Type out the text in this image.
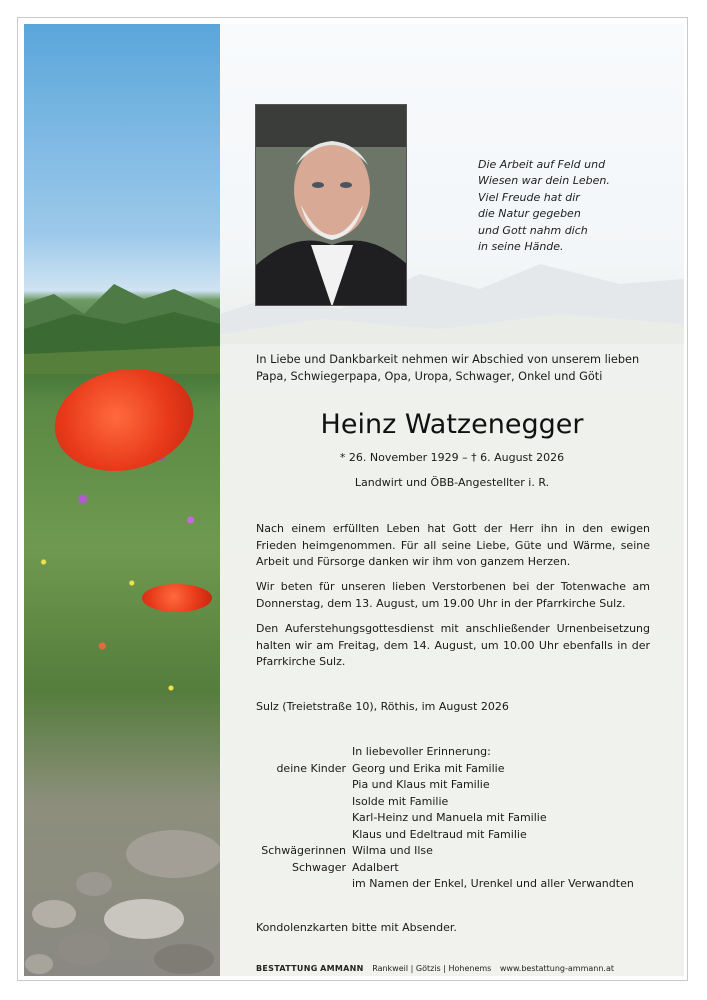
Die Arbeit auf Feld und
Wiesen war dein Leben.
Viel Freude hat dir
die Natur gegeben
und Gott nahm dich
in seine Hände.
In Liebe und Dankbarkeit nehmen wir Abschied von unserem lieben
Papa, Schwiegerpapa, Opa, Uropa, Schwager, Onkel und Göti
Heinz Watzenegger
* 26. November 1929 – † 6. August 2026
Landwirt und ÖBB-Angestellter i. R.
Nach einem erfüllten Leben hat Gott der Herr ihn in den ewigen
Frieden heimgenommen. Für all seine Liebe, Güte und Wärme, seine
Arbeit und Fürsorge danken wir ihm von ganzem Herzen.
Wir beten für unseren lieben Verstorbenen bei der Totenwache am
Donnerstag, dem 13. August, um 19.00 Uhr in der Pfarrkirche Sulz.
Den Auferstehungsgottesdienst mit anschließender Urnenbeisetzung
halten wir am Freitag, dem 14. August, um 10.00 Uhr ebenfalls in der
Pfarrkirche Sulz.
Sulz (Treietstraße 10), Röthis, im August 2026
deine Kinder
Schwägerinnen
Schwager
In liebevoller Erinnerung:
Georg und Erika mit Familie
Pia und Klaus mit Familie
Isolde mit Familie
Karl-Heinz und Manuela mit Familie
Klaus und Edeltraud mit Familie
Wilma und Ilse
Adalbert
im Namen der Enkel, Urenkel und aller Verwandten
Kondolenzkarten bitte mit Absender.
BESTATTUNG AMMANN Rankweil | Götzis | Hohenems www.bestattung-ammann.at
